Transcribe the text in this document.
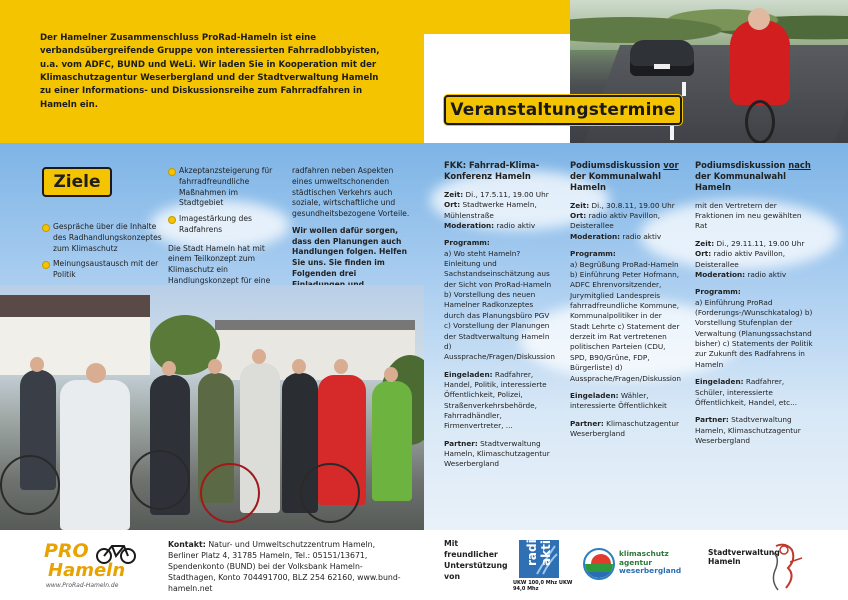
Der Hamelner Zusammenschluss ProRad-Hameln ist eine verbandsübergreifende Gruppe von interessierten Fahrradlobbyisten, u.a. vom ADFC, BUND und WeLi. Wir laden Sie in Kooperation mit der Klimaschutzagentur Weserbergland und der Stadtverwaltung Hameln zu einer Informations- und Diskussionsreihe zum Fahrradfahren in Hameln ein.	Veranstaltungstermine
Ziele
Gespräche über die Inhalte des Radhandlungskonzeptes zum Klimaschutz
Meinungsaustausch mit der Politik
Akzeptanzsteigerung für fahrradfreundliche Maßnahmen im Stadtgebiet
Imagestärkung des Radfahrens

Die Stadt Hameln hat mit einem Teilkonzept zum Klimaschutz ein Handlungskonzept für eine

radfahren neben Aspekten eines umweltschonenden städtischen Verkehrs auch soziale, wirtschaftliche und gesundheitsbezogene Vorteile.

Wir wollen dafür sorgen, dass den Planungen auch Handlungen folgen. Helfen Sie uns. Sie finden im Folgenden drei

FKK: Fahrrad-Klima-Konferenz Hameln

Zeit: Di., 17.5.11, 19.00 Uhr
Ort: Stadtwerke Hameln, Mühlenstraße
Moderation: radio aktiv

Programm:
a) Wo steht Hameln? Einleitung und Sachstandseinschätzung aus der Sicht von ProRad-Hameln b) Vorstellung des neuen Hamelner Radkonzeptes durch das Planungsbüro PGV c) Vorstellung der Planungen der Stadtverwaltung Hameln d) Aussprache/Fragen/Diskussion

Eingeladen: Radfahrer, Handel, Politik, interessierte Öffentlichkeit, Polizei, Straßenverkehrsbehörde, Fahrradhändler, Firmenvertreter, ...

Partner: Stadtverwaltung Hameln, Klimaschutzagentur Weserbergland

Podiumsdiskussion vor der Kommunalwahl Hameln

Zeit: Di., 30.8.11, 19.00 Uhr
Ort: radio aktiv Pavillon, Deisterallee
Moderation: radio aktiv

Programm:
a) Begrüßung ProRad-Hameln b) Einführung Peter Hofmann, ADFC Ehrenvorsitzender, Jurymitglied Landespreis fahrradfreundliche Kommune, Kommunalpolitiker in der Stadt Lehrte c) Statement der derzeit im Rat vertretenen politischen Parteien (CDU, SPD, B90/Grüne, FDP, Bürgerliste) d) Aussprache/Fragen/Diskussion

Eingeladen: Wähler, interessierte Öffentlichkeit

Partner: Klimaschutzagentur Weserbergland

Podiumsdiskussion nach der Kommunalwahl Hameln

mit den Vertretern der Fraktionen im neu gewählten Rat

Zeit: Di., 29.11.11, 19.00 Uhr
Ort: radio aktiv Pavillon, Deisterallee
Moderation: radio aktiv

Programm:
a) Einführung ProRad (Forderungs-/Wunschkatalog) b) Vorstellung Stufenplan der Verwaltung (Planungssachstand bisher) c) Statements der Politik zur Zukunft des Radfahrens in Hameln

Eingeladen: Radfahrer, Schüler, interessierte Öffentlichkeit, Handel, etc...

Partner: Stadtverwaltung Hameln, Klimaschutzagentur Weserbergland

PRO
Hameln
www.ProRad-Hameln.de
Kontakt: Natur- und Umweltschutzzentrum Hameln, Berliner Platz 4, 31785 Hameln, Tel.: 05151/13671, Spendenkonto (BUND) bei der Volksbank Hameln-Stadthagen, Konto 704491700, BLZ 254 62160, www.bund-hameln.net
Mit freundlicher Unterstützung von
radio aktiv
UKW 100,0 Mhz UKW 94,0 Mhz
klimaschutz
agentur
weserbergland
Stadtverwaltung Hameln
